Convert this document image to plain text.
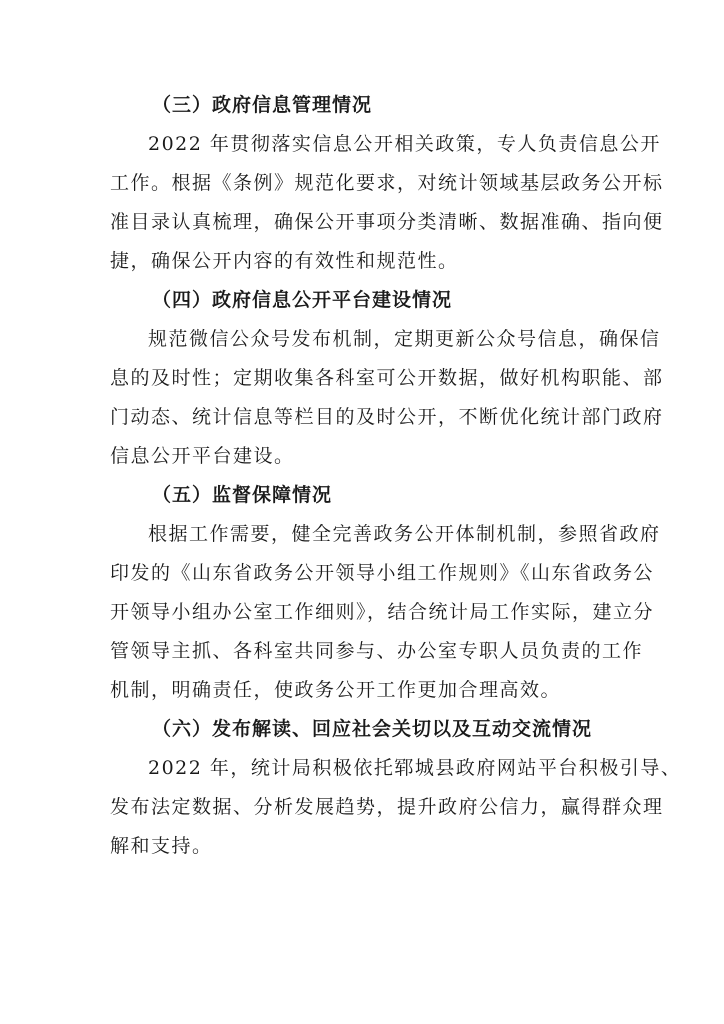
（三）政府信息管理情况

2022 年贯彻落实信息公开相关政策，专人负责信息公开
工作。根据《条例》规范化要求，对统计领域基层政务公开标
准目录认真梳理，确保公开事项分类清晰、数据准确、指向便
捷，确保公开内容的有效性和规范性。

（四）政府信息公开平台建设情况

规范微信公众号发布机制，定期更新公众号信息，确保信
息的及时性；定期收集各科室可公开数据，做好机构职能、部
门动态、统计信息等栏目的及时公开，不断优化统计部门政府
信息公开平台建设。

（五）监督保障情况

根据工作需要，健全完善政务公开体制机制，参照省政府
印发的《山东省政务公开领导小组工作规则》《山东省政务公
开领导小组办公室工作细则》，结合统计局工作实际，建立分
管领导主抓、各科室共同参与、办公室专职人员负责的工作
机制，明确责任，使政务公开工作更加合理高效。

（六）发布解读、回应社会关切以及互动交流情况

2022 年，统计局积极依托郓城县政府网站平台积极引导、
发布法定数据、分析发展趋势，提升政府公信力，赢得群众理
解和支持。
